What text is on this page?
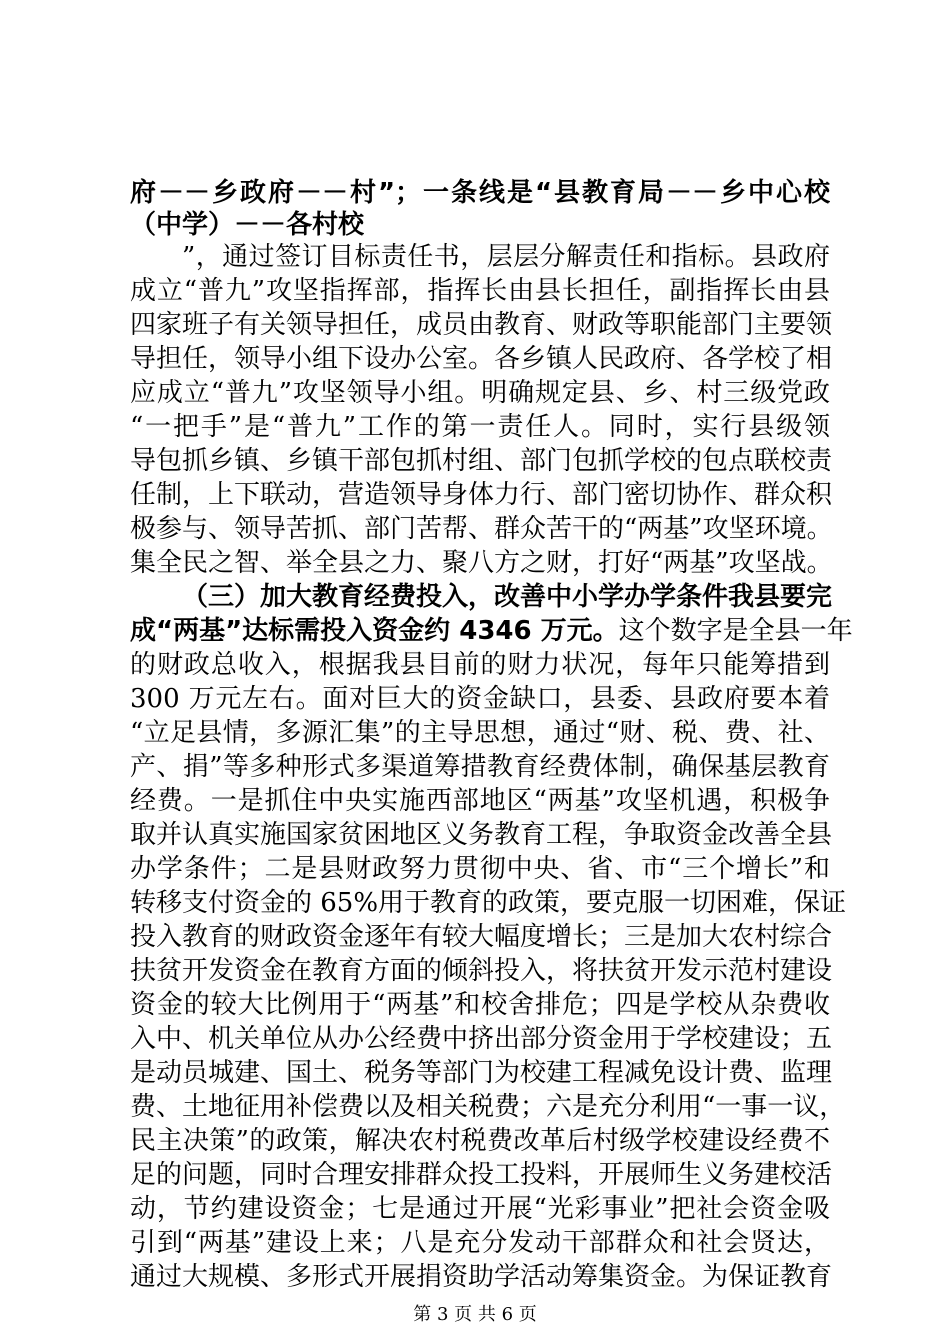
府－－乡政府－－村”；一条线是“县教育局－－乡中心校
（中学）－－各村校
”，通过签订目标责任书，层层分解责任和指标。县政府
成立“普九”攻坚指挥部，指挥长由县长担任，副指挥长由县
四家班子有关领导担任，成员由教育、财政等职能部门主要领
导担任，领导小组下设办公室。各乡镇人民政府、各学校了相
应成立“普九”攻坚领导小组。明确规定县、乡、村三级党政
“一把手”是“普九”工作的第一责任人。同时，实行县级领
导包抓乡镇、乡镇干部包抓村组、部门包抓学校的包点联校责
任制，上下联动，营造领导身体力行、部门密切协作、群众积
极参与、领导苦抓、部门苦帮、群众苦干的“两基”攻坚环境。
集全民之智、举全县之力、聚八方之财，打好“两基”攻坚战。
（三）加大教育经费投入，改善中小学办学条件我县要完
成“两基”达标需投入资金约 4346 万元。 这个数字是全县一年
的财政总收入，根据我县目前的财力状况，每年只能筹措到
300 万元左右。面对巨大的资金缺口，县委、县政府要本着
“立足县情，多源汇集”的主导思想，通过“财、税、费、社、
产、捐”等多种形式多渠道筹措教育经费体制，确保基层教育
经费。一是抓住中央实施西部地区“两基”攻坚机遇，积极争
取并认真实施国家贫困地区义务教育工程，争取资金改善全县
办学条件；二是县财政努力贯彻中央、省、市“三个增长”和
转移支付资金的 65%用于教育的政策，要克服一切困难，保证
投入教育的财政资金逐年有较大幅度增长；三是加大农村综合
扶贫开发资金在教育方面的倾斜投入，将扶贫开发示范村建设
资金的较大比例用于“两基”和校舍排危；四是学校从杂费收
入中、机关单位从办公经费中挤出部分资金用于学校建设；五
是动员城建、国土、税务等部门为校建工程减免设计费、监理
费、土地征用补偿费以及相关税费；六是充分利用“一事一议，
民主决策”的政策，解决农村税费改革后村级学校建设经费不
足的问题，同时合理安排群众投工投料，开展师生义务建校活
动，节约建设资金；七是通过开展“光彩事业”把社会资金吸
引到“两基”建设上来；八是充分发动干部群众和社会贤达，
通过大规模、多形式开展捐资助学活动筹集资金。为保证教育
第 3 页 共 6 页
